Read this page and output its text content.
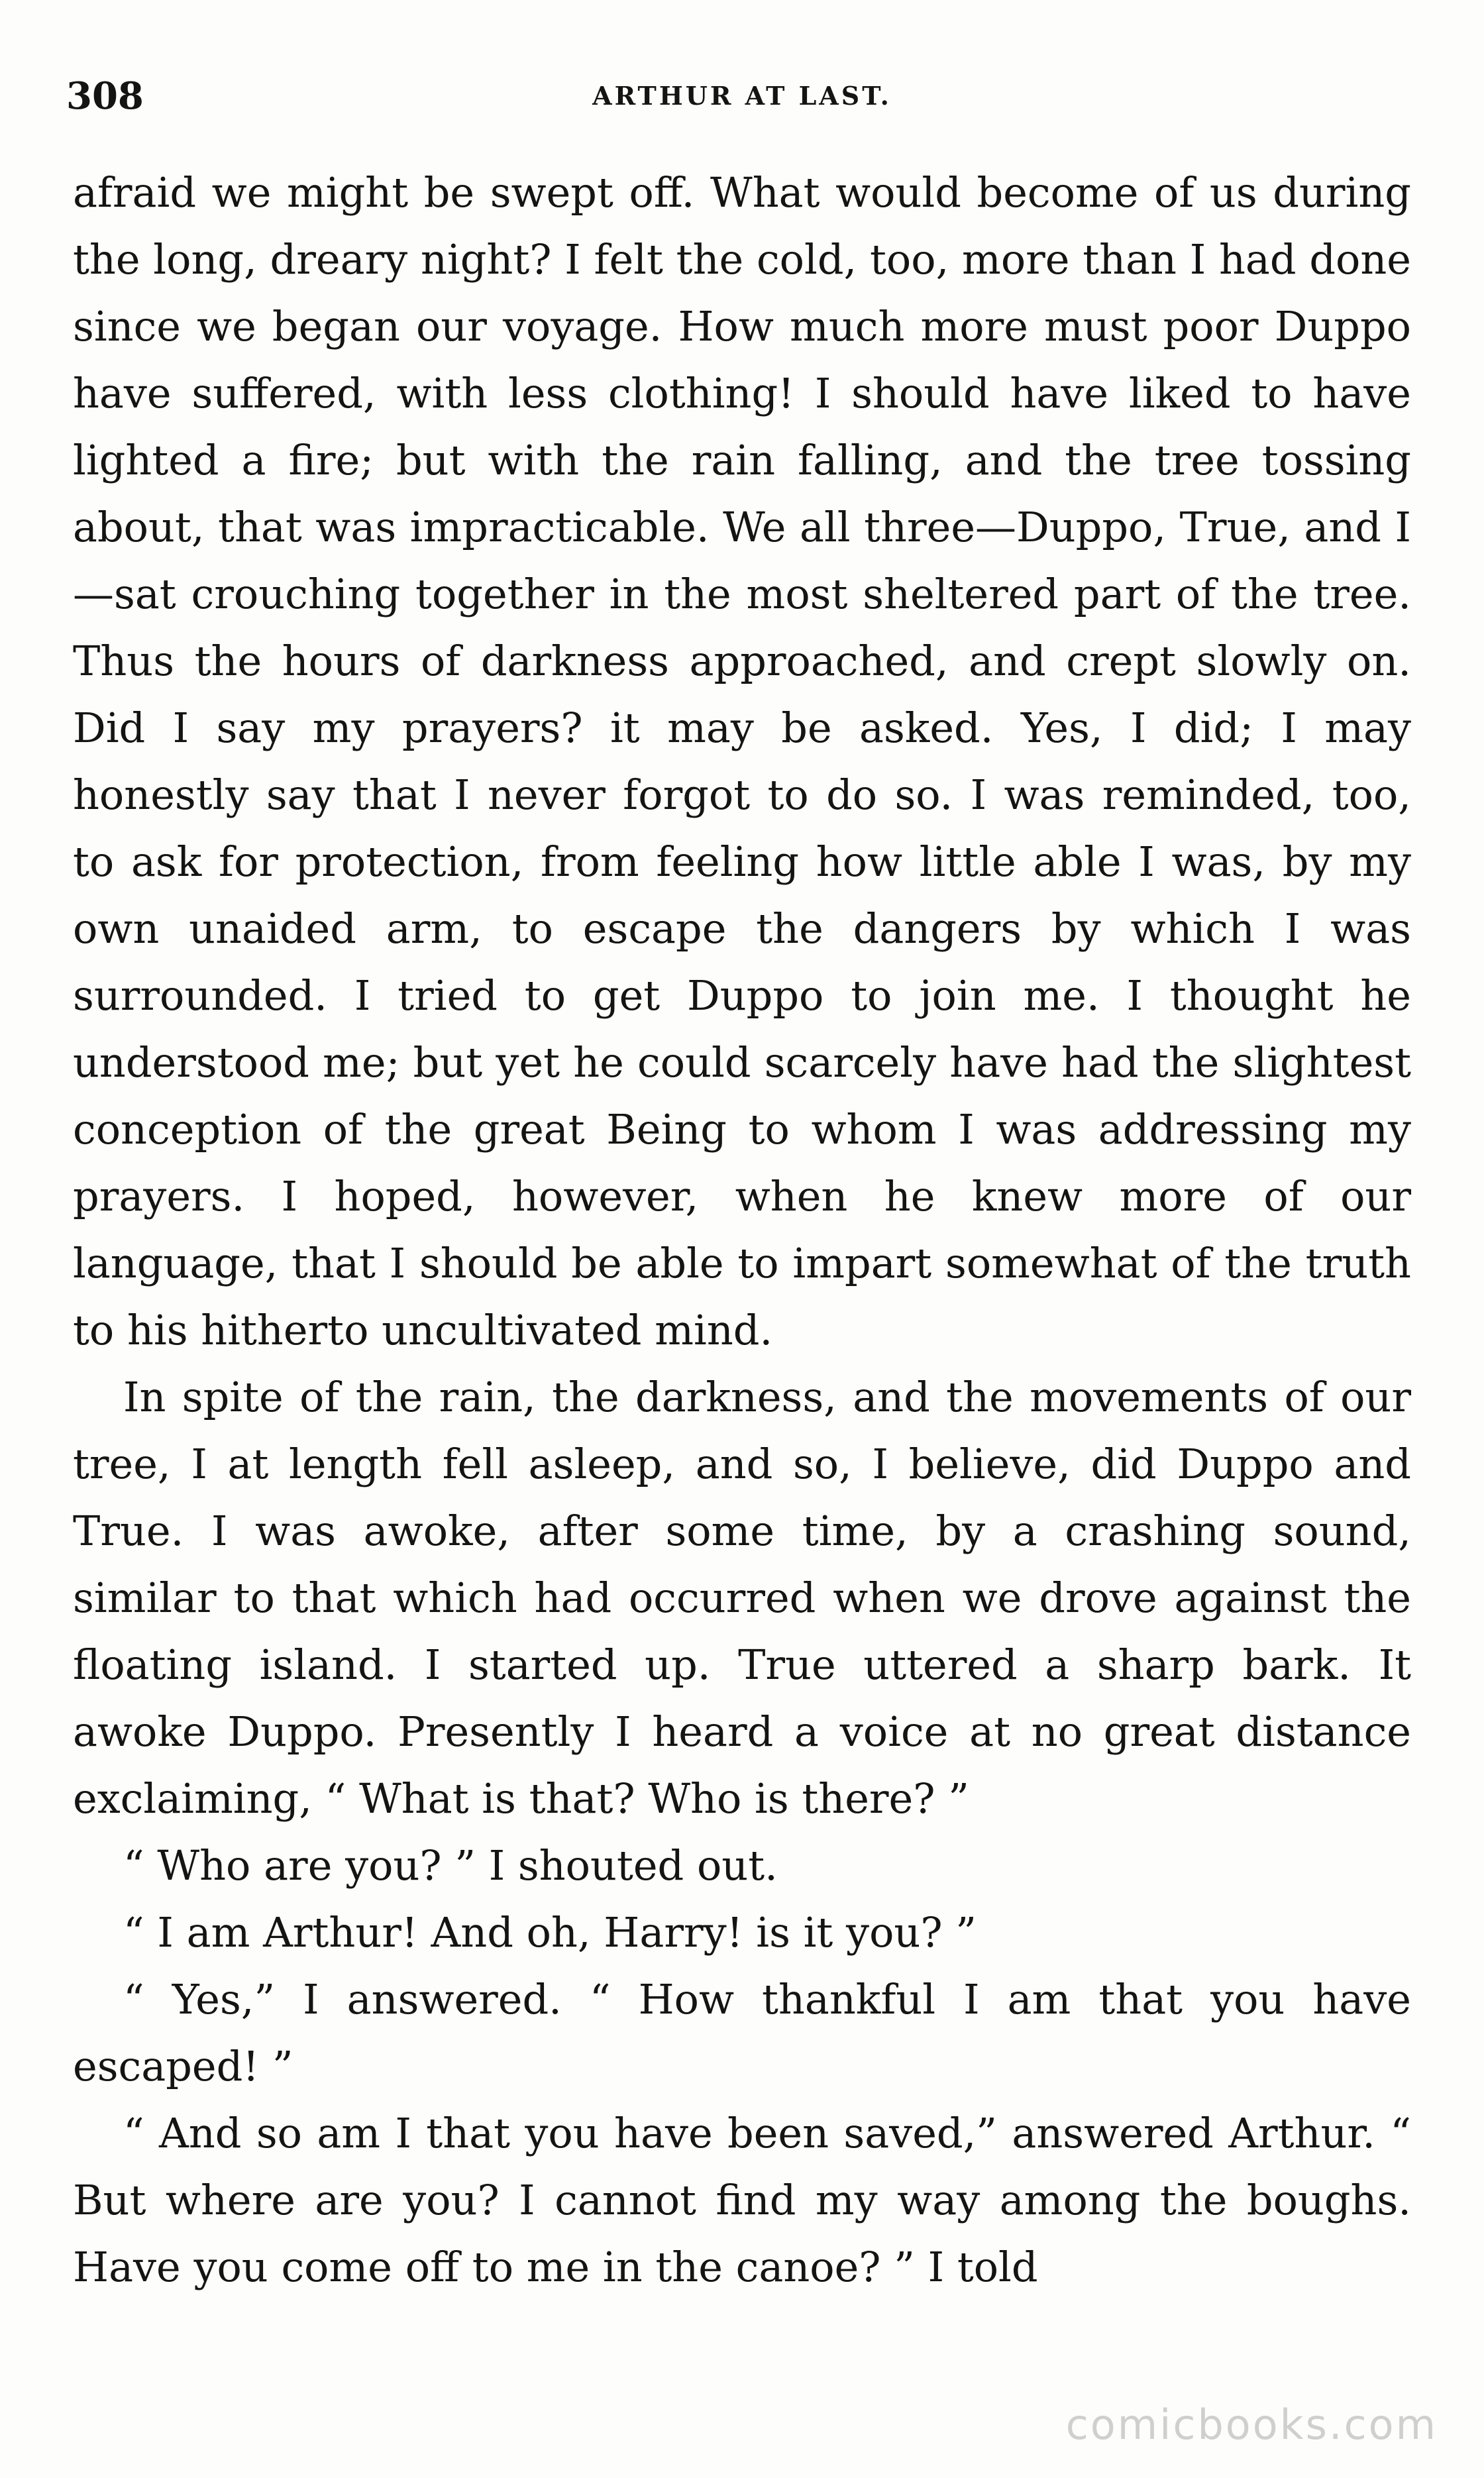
308	ARTHUR AT LAST.

afraid we might be swept off. What would become of us during the long, dreary night? I felt the cold, too, more than I had done since we began our voyage. How much more must poor Duppo have suffered, with less clothing! I should have liked to have lighted a fire; but with the rain falling, and the tree tossing about, that was impracticable. We all three—Duppo, True, and I—sat crouching together in the most sheltered part of the tree. Thus the hours of darkness approached, and crept slowly on. Did I say my prayers? it may be asked. Yes, I did; I may honestly say that I never forgot to do so. I was reminded, too, to ask for protection, from feeling how little able I was, by my own unaided arm, to escape the dangers by which I was surrounded. I tried to get Duppo to join me. I thought he understood me; but yet he could scarcely have had the slightest conception of the great Being to whom I was addressing my prayers. I hoped, however, when he knew more of our language, that I should be able to impart somewhat of the truth to his hitherto uncultivated mind.

In spite of the rain, the darkness, and the movements of our tree, I at length fell asleep, and so, I believe, did Duppo and True. I was awoke, after some time, by a crashing sound, similar to that which had occurred when we drove against the floating island. I started up. True uttered a sharp bark. It awoke Duppo. Presently I heard a voice at no great distance exclaiming, “ What is that? Who is there? ”

“ Who are you? ” I shouted out.

“ I am Arthur! And oh, Harry! is it you? ”

“ Yes,” I answered. “ How thankful I am that you have escaped! ”

“ And so am I that you have been saved,” answered Arthur. “ But where are you? I cannot find my way among the boughs. Have you come off to me in the canoe? ” I told

comicbooks.com
